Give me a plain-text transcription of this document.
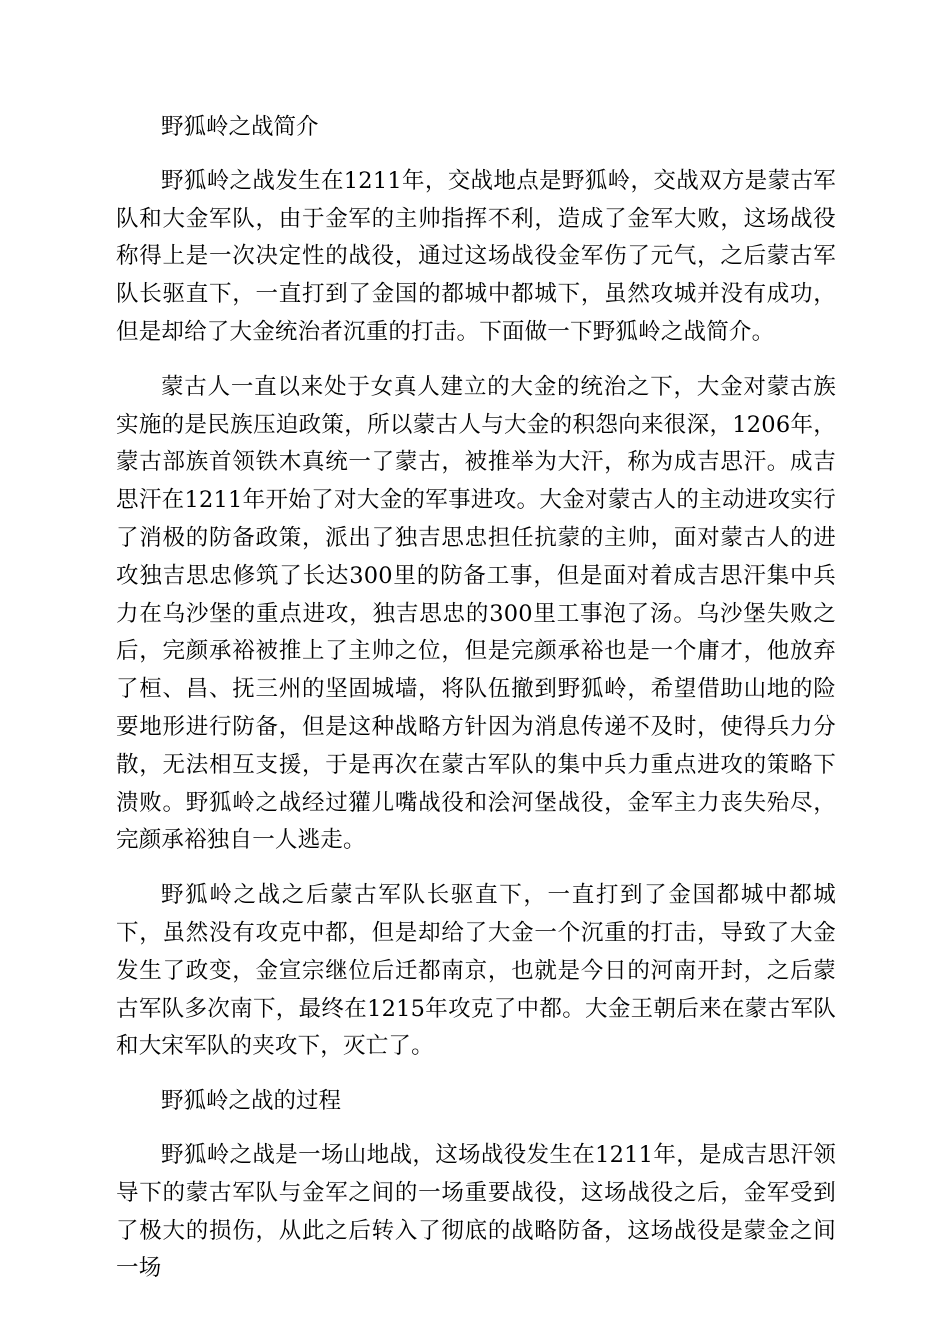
野狐岭之战简介

野狐岭之战发生在1211年，交战地点是野狐岭，交战双方是蒙古军队和大金军队，由于金军的主帅指挥不利，造成了金军大败，这场战役称得上是一次决定性的战役，通过这场战役金军伤了元气，之后蒙古军队长驱直下，一直打到了金国的都城中都城下，虽然攻城并没有成功，但是却给了大金统治者沉重的打击。下面做一下野狐岭之战简介。

蒙古人一直以来处于女真人建立的大金的统治之下，大金对蒙古族实施的是民族压迫政策，所以蒙古人与大金的积怨向来很深，1206年，蒙古部族首领铁木真统一了蒙古，被推举为大汗，称为成吉思汗。成吉思汗在1211年开始了对大金的军事进攻。大金对蒙古人的主动进攻实行了消极的防备政策，派出了独吉思忠担任抗蒙的主帅，面对蒙古人的进攻独吉思忠修筑了长达300里的防备工事，但是面对着成吉思汗集中兵力在乌沙堡的重点进攻，独吉思忠的300里工事泡了汤。乌沙堡失败之后，完颜承裕被推上了主帅之位，但是完颜承裕也是一个庸才，他放弃了桓、昌、抚三州的坚固城墙，将队伍撤到野狐岭，希望借助山地的险要地形进行防备，但是这种战略方针因为消息传递不及时，使得兵力分散，无法相互支援，于是再次在蒙古军队的集中兵力重点进攻的策略下溃败。野狐岭之战经过獾儿嘴战役和浍河堡战役，金军主力丧失殆尽，完颜承裕独自一人逃走。

野狐岭之战之后蒙古军队长驱直下，一直打到了金国都城中都城下，虽然没有攻克中都，但是却给了大金一个沉重的打击，导致了大金发生了政变，金宣宗继位后迁都南京，也就是今日的河南开封，之后蒙古军队多次南下，最终在1215年攻克了中都。大金王朝后来在蒙古军队和大宋军队的夹攻下，灭亡了。

野狐岭之战的过程

野狐岭之战是一场山地战，这场战役发生在1211年，是成吉思汗领导下的蒙古军队与金军之间的一场重要战役，这场战役之后，金军受到了极大的损伤，从此之后转入了彻底的战略防备，这场战役是蒙金之间一场
